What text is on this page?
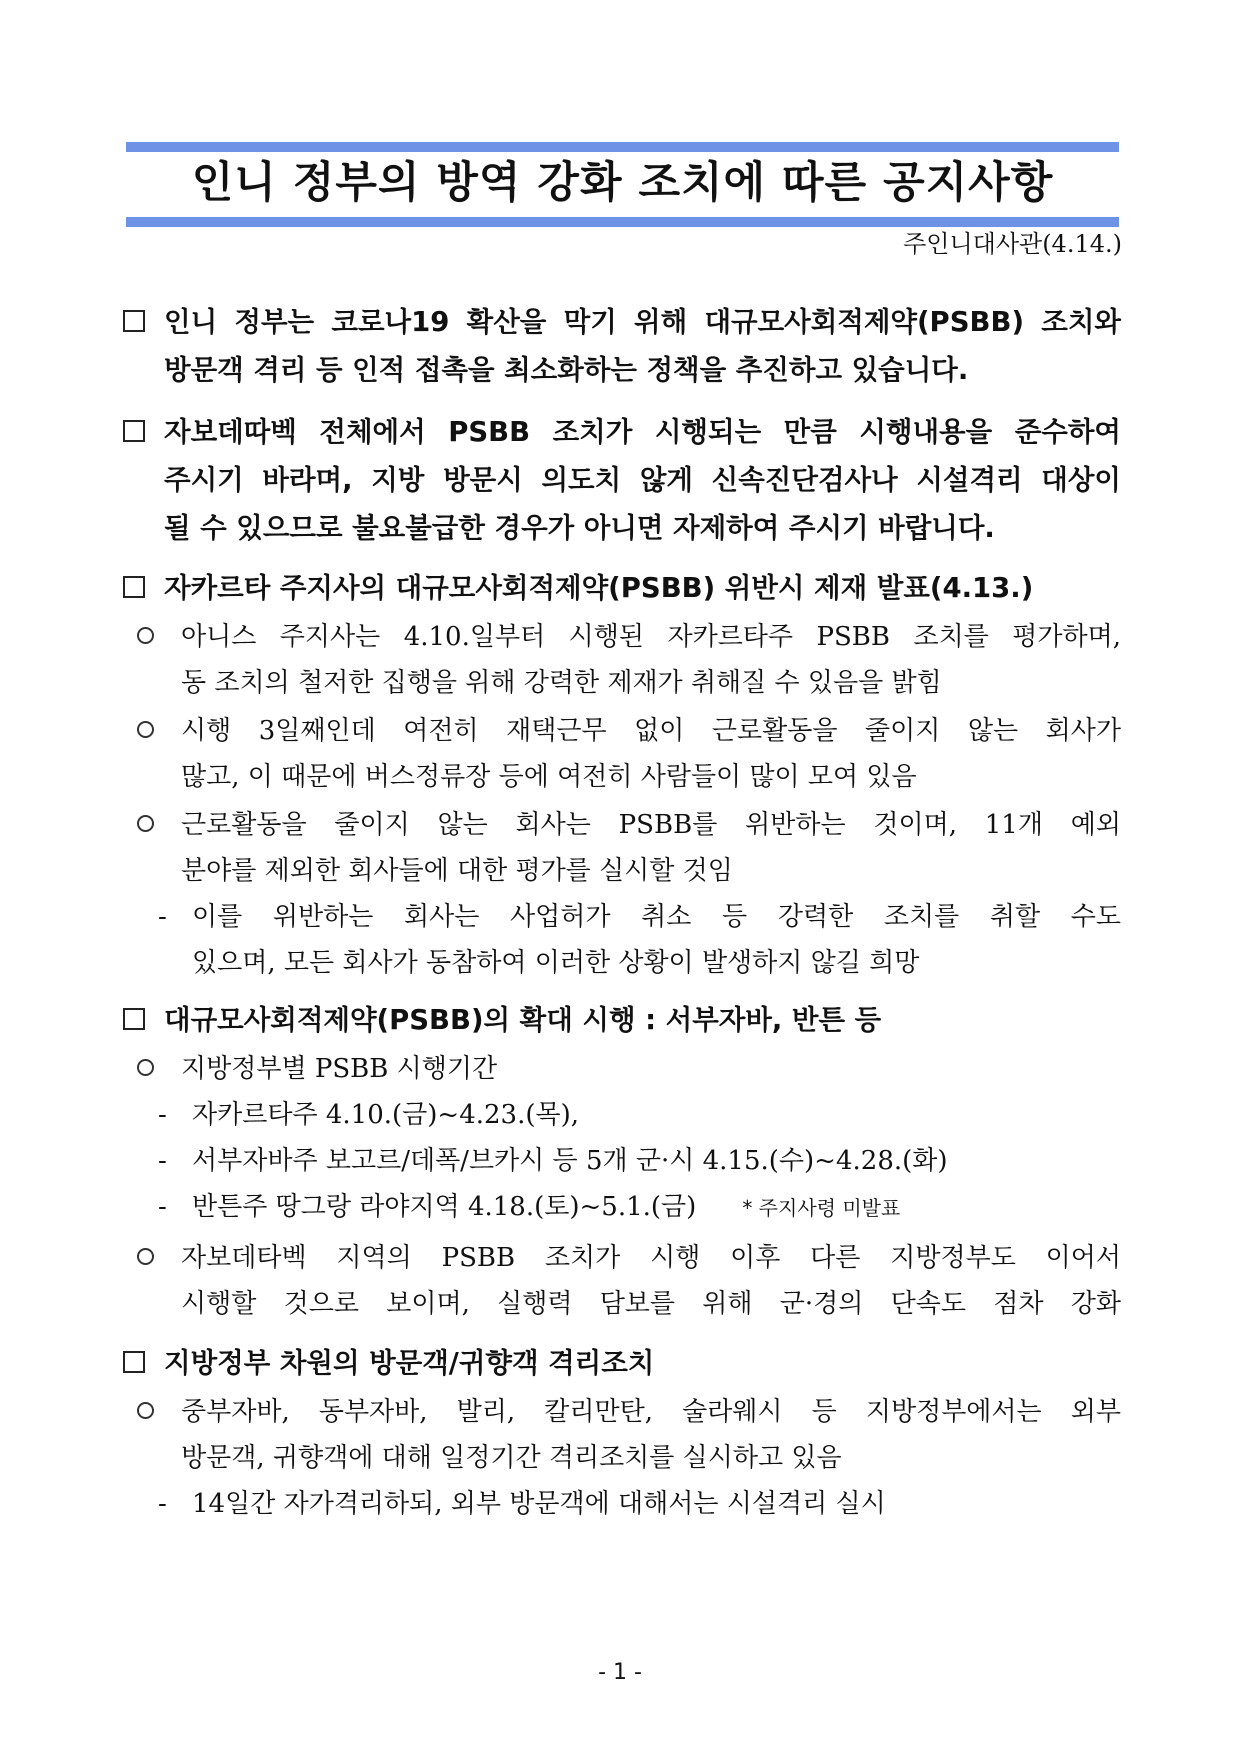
인니 정부의 방역 강화 조치에 따른 공지사항
주인니대사관(4.14.)
인니 정부는 코로나19 확산을 막기 위해 대규모사회적제약(PSBB) 조치와
방문객 격리 등 인적 접촉을 최소화하는 정책을 추진하고 있습니다.
자보데따벡 전체에서 PSBB 조치가 시행되는 만큼 시행내용을 준수하여
주시기 바라며, 지방 방문시 의도치 않게 신속진단검사나 시설격리 대상이
될 수 있으므로 불요불급한 경우가 아니면 자제하여 주시기 바랍니다.
자카르타 주지사의 대규모사회적제약(PSBB) 위반시 제재 발표(4.13.)
아니스 주지사는 4.10.일부터 시행된 자카르타주 PSBB 조치를 평가하며,
동 조치의 철저한 집행을 위해 강력한 제재가 취해질 수 있음을 밝힘
시행 3일째인데 여전히 재택근무 없이 근로활동을 줄이지 않는 회사가
많고, 이 때문에 버스정류장 등에 여전히 사람들이 많이 모여 있음
근로활동을 줄이지 않는 회사는 PSBB를 위반하는 것이며, 11개 예외
분야를 제외한 회사들에 대한 평가를 실시할 것임
- 이를 위반하는 회사는 사업허가 취소 등 강력한 조치를 취할 수도
있으며, 모든 회사가 동참하여 이러한 상황이 발생하지 않길 희망
대규모사회적제약(PSBB)의 확대 시행 : 서부자바, 반튼 등
지방정부별 PSBB 시행기간
- 자카르타주 4.10.(금)~4.23.(목),
- 서부자바주 보고르/데폭/브카시 등 5개 군·시 4.15.(수)~4.28.(화)
- 반튼주 땅그랑 라야지역 4.18.(토)~5.1.(금) * 주지사령 미발표
자보데타벡 지역의 PSBB 조치가 시행 이후 다른 지방정부도 이어서
시행할 것으로 보이며, 실행력 담보를 위해 군·경의 단속도 점차 강화
지방정부 차원의 방문객/귀향객 격리조치
중부자바, 동부자바, 발리, 칼리만탄, 술라웨시 등 지방정부에서는 외부
방문객, 귀향객에 대해 일정기간 격리조치를 실시하고 있음
- 14일간 자가격리하되, 외부 방문객에 대해서는 시설격리 실시
- 1 -
